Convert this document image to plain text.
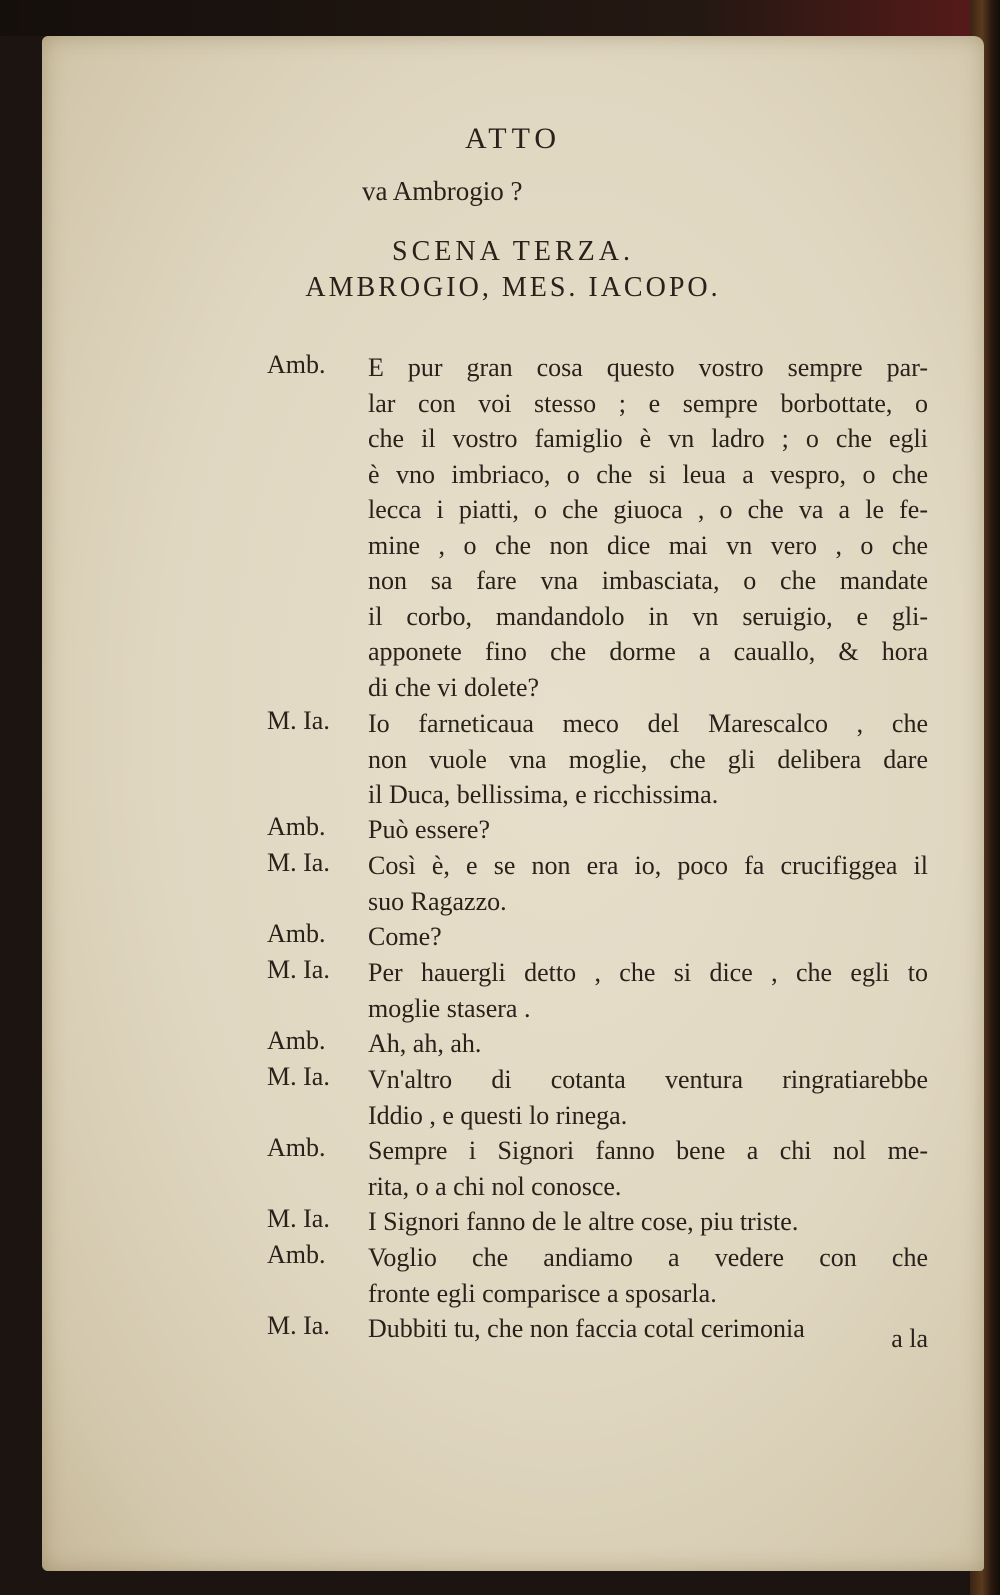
ATTO
va Ambrogio ?
SCENA TERZA.
AMBROGIO, MES. IACOPO.
Amb.	E pur gran cosa questo vostro sempre par-
lar con voi stesso ; e sempre borbottate, o
che il vostro famiglio è vn ladro ; o che egli
è vno imbriaco, o che si leua a vespro, o che
lecca i piatti, o che giuoca , o che va a le fe-
mine , o che non dice mai vn vero , o che
non sa fare vna imbasciata, o che mandate
il corbo, mandandolo in vn seruigio, e gli-
apponete fino che dorme a cauallo, & hora
di che vi dolete?
M. Ia.	Io farneticaua meco del Marescalco , che
non vuole vna moglie, che gli delibera dare
il Duca, bellissima, e ricchissima.
Amb.	Può essere?
M. Ia.	Così è, e se non era io, poco fa crucifiggea il
suo Ragazzo.
Amb.	Come?
M. Ia.	Per hauergli detto , che si dice , che egli to
moglie stasera .
Amb.	Ah, ah, ah.
M. Ia.	Vn'altro di cotanta ventura ringratiarebbe
Iddio , e questi lo rinega.
Amb.	Sempre i Signori fanno bene a chi nol me-
rita, o a chi nol conosce.
M. Ia.	I Signori fanno de le altre cose, piu triste.
Amb.	Voglio che andiamo a vedere con che
fronte egli comparisce a sposarla.
M. Ia.	Dubbiti tu, che non faccia cotal cerimonia	a la
